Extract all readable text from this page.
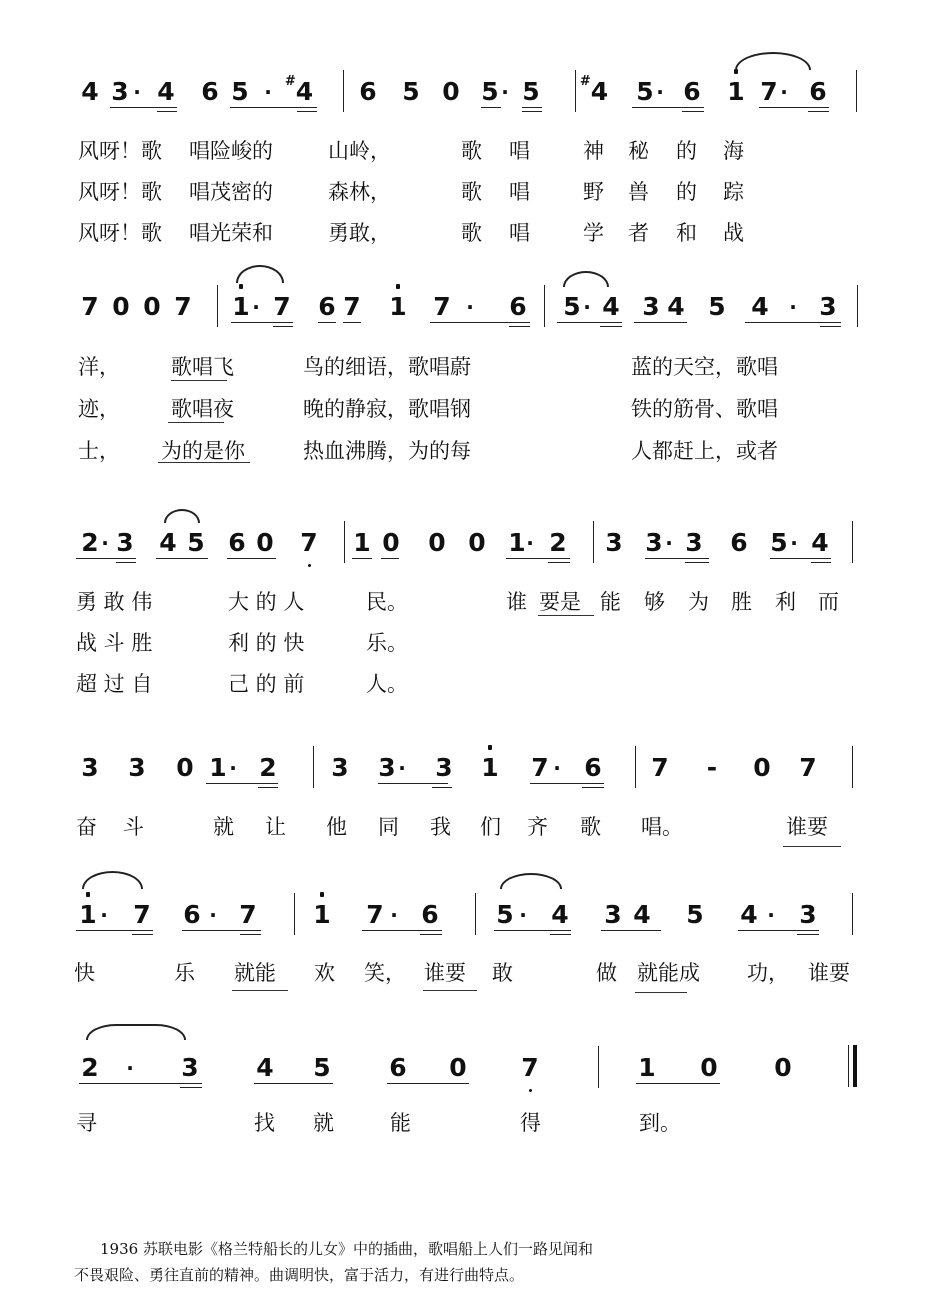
4 3 · 4 6 5 · #4 6 5 0 5 · 5	#4 5 · 6 1 7 · 6
风呀！歌 唱险峻的	山岭，	歌 唱	神 秘 的 海
风呀！歌 唱茂密的	森林，	歌 唱	野 兽 的 踪
风呀！歌 唱光荣和	勇敢，	歌 唱	学 者 和 战
7 0 0 7 1 · 7 6 7 1 7 · 6 5 · 4 3 4 5 4 · 3
洋， 歌唱飞	鸟的细语，歌唱蔚	蓝的天空，歌唱
迹， 歌唱夜	晚的静寂，歌唱钢	铁的筋骨、歌唱
士， 为的是你	热血沸腾，为的每	人都赶上，或者
2 · 3 4 5 6 0 7 1 0 0 0 1 · 2 3 3 · 3 6 5 · 4
勇 敢 伟	大 的 人	民。	谁 要是 能 够 为 胜 利 而
战 斗 胜	利 的 快	乐。
超 过 自	己 的 前	人。
3 3 0 1 · 2 3 3 · 3 1 7 · 6 7 - 0 7
奋 斗	就 让 他 同 我 们 齐 歌 唱。	谁要
1 · 7 6 · 7 1 7 · 6 5 · 4 3 4 5 4 · 3
快	乐 就能 欢 笑， 谁要 敢	做 就能成 功， 谁要
2 · 3 4 5 6 0 7	1 0 0
寻	找 就	能	得	到。
1936 苏联电影《格兰特船长的儿女》中的插曲，歌唱船上人们一路见闻和
不畏艰险、勇往直前的精神。曲调明快，富于活力，有进行曲特点。
